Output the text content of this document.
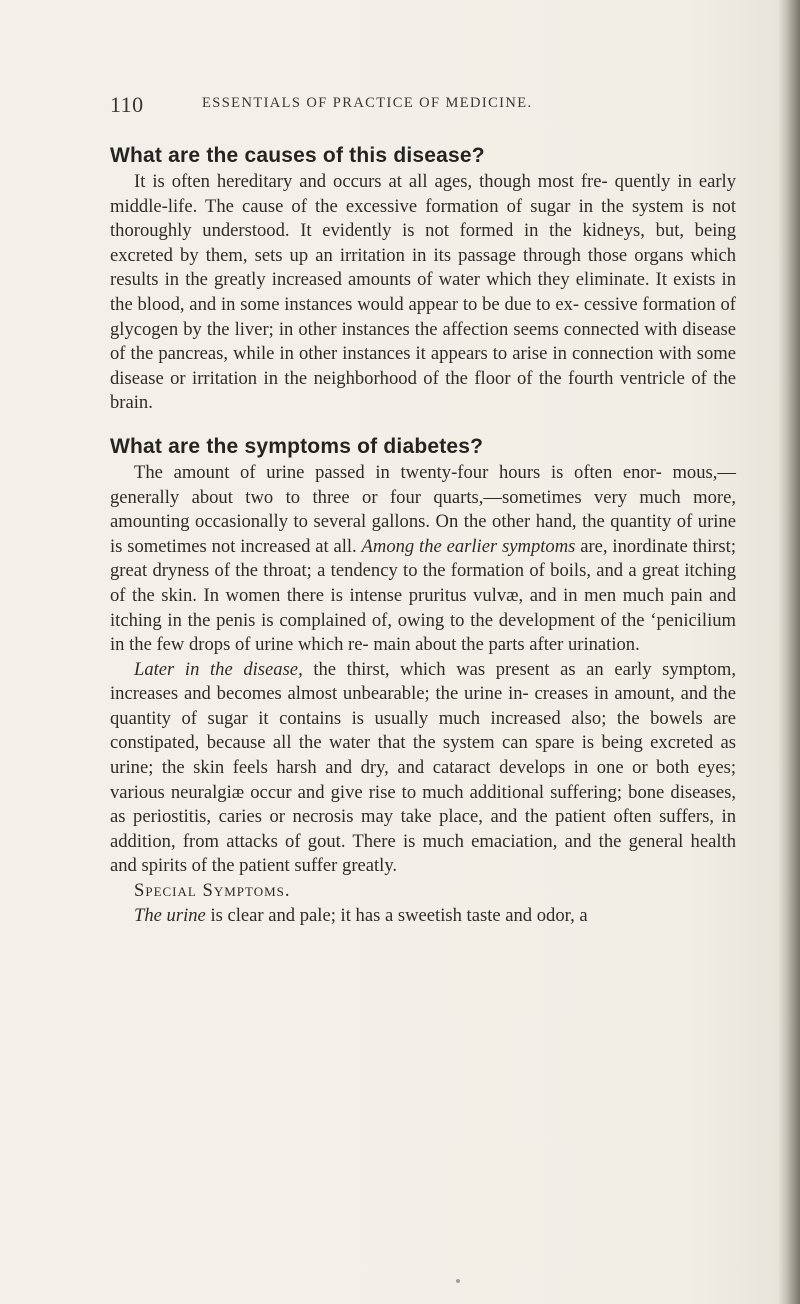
110	ESSENTIALS OF PRACTICE OF MEDICINE.
What are the causes of this disease?

It is often hereditary and occurs at all ages, though most fre- quently in early middle-life. The cause of the excessive formation of sugar in the system is not thoroughly understood. It evidently is not formed in the kidneys, but, being excreted by them, sets up an irritation in its passage through those organs which results in the greatly increased amounts of water which they eliminate. It exists in the blood, and in some instances would appear to be due to ex- cessive formation of glycogen by the liver; in other instances the affection seems connected with disease of the pancreas, while in other instances it appears to arise in connection with some disease or irritation in the neighborhood of the floor of the fourth ventricle of the brain.

What are the symptoms of diabetes?

The amount of urine passed in twenty-four hours is often enor- mous,—generally about two to three or four quarts,—sometimes very much more, amounting occasionally to several gallons. On the other hand, the quantity of urine is sometimes not increased at all. Among the earlier symptoms are, inordinate thirst; great dryness of the throat; a tendency to the formation of boils, and a great itching of the skin. In women there is intense pruritus vulvæ, and in men much pain and itching in the penis is complained of, owing to the development of the ‘penicilium in the few drops of urine which re- main about the parts after urination.

Later in the disease, the thirst, which was present as an early symptom, increases and becomes almost unbearable; the urine in- creases in amount, and the quantity of sugar it contains is usually much increased also; the bowels are constipated, because all the water that the system can spare is being excreted as urine; the skin feels harsh and dry, and cataract develops in one or both eyes; various neuralgiæ occur and give rise to much additional suffering; bone diseases, as periostitis, caries or necrosis may take place, and the patient often suffers, in addition, from attacks of gout. There is much emaciation, and the general health and spirits of the patient suffer greatly.

Special Symptoms.

The urine is clear and pale; it has a sweetish taste and odor, a
